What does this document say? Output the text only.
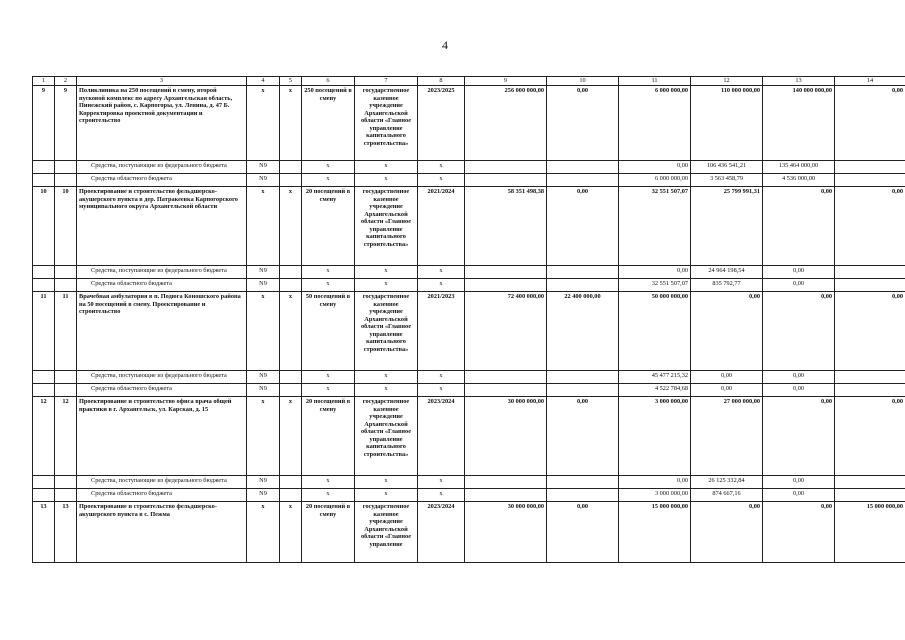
4
1	2	3	4	5	6	7	8	9	10	11	12	13	14
9	9	Поликлиника на 250 посещений в смену, второй пусковой комплекс по адресу Архангельская область, Пинежский район, с. Карпогоры, ул. Ленина, д. 47 Б. Корректировка проектной документации и строительство	х	х	250 посещений в смену	государственное казенное учреждение Архангельской области «Главное управление капитального строительства»	2023/2025	256 000 000,00	0,00	6 000 000,00	110 000 000,00	140 000 000,00	0,00
		Средства, поступающие из федерального бюджета	N9		х	х	х			0,00	106 436 541,21	135 464 000,00	
		Средства областного бюджета	N9		х	х	х			6 000 000,00	3 563 458,79	4 536 000,00	
10	10	Проектирование и строительство фельдшерско-акушерского пункта в дер. Патракеевка Карпогорского муниципального округа Архангельской области	х	х	20 посещений в смену	государственное казенное учреждение Архангельской области «Главное управление капитального строительства»	2021/2024	58 351 498,38	0,00	32 551 507,07	25 799 991,31	0,00	0,00
		Средства, поступающие из федерального бюджета	N9		х	х	х			0,00	24 964 198,54	0,00	
		Средства областного бюджета	N9		х	х	х			32 551 507,07	835 792,77	0,00	
11	11	Врачебная амбулатория в п. Подюга Коношского района на 50 посещений в смену. Проектирование и строительство	х	х	50 посещений в смену	государственное казенное учреждение Архангельской области «Главное управление капитального строительства»	2021/2023	72 400 000,00	22 400 000,00	50 000 000,00	0,00	0,00	0,00
		Средства, поступающие из федерального бюджета	N9		х	х	х			45 477 215,32	0,00	0,00	
		Средства областного бюджета	N9		х	х	х			4 522 784,68	0,00	0,00	
12	12	Проектирование и строительство офиса врача общей практики в г. Архангельск, ул. Карская, д. 15	х	х	20 посещений в смену	государственное казенное учреждение Архангельской области «Главное управление капитального строительства»	2023/2024	30 000 000,00	0,00	3 000 000,00	27 000 000,00	0,00	0,00
		Средства, поступающие из федерального бюджета	N9		х	х	х			0,00	26 125 332,84	0,00	
		Средства областного бюджета	N9		х	х	х			3 000 000,00	874 667,16	0,00	
13	13	Проектирование и строительство фельдшерско-акушерского пункта в с. Пежма	х	х	20 посещений в смену	государственное казенное учреждение Архангельской области «Главное управление	2023/2024	30 000 000,00	0,00	15 000 000,00	0,00	0,00	15 000 000,00
